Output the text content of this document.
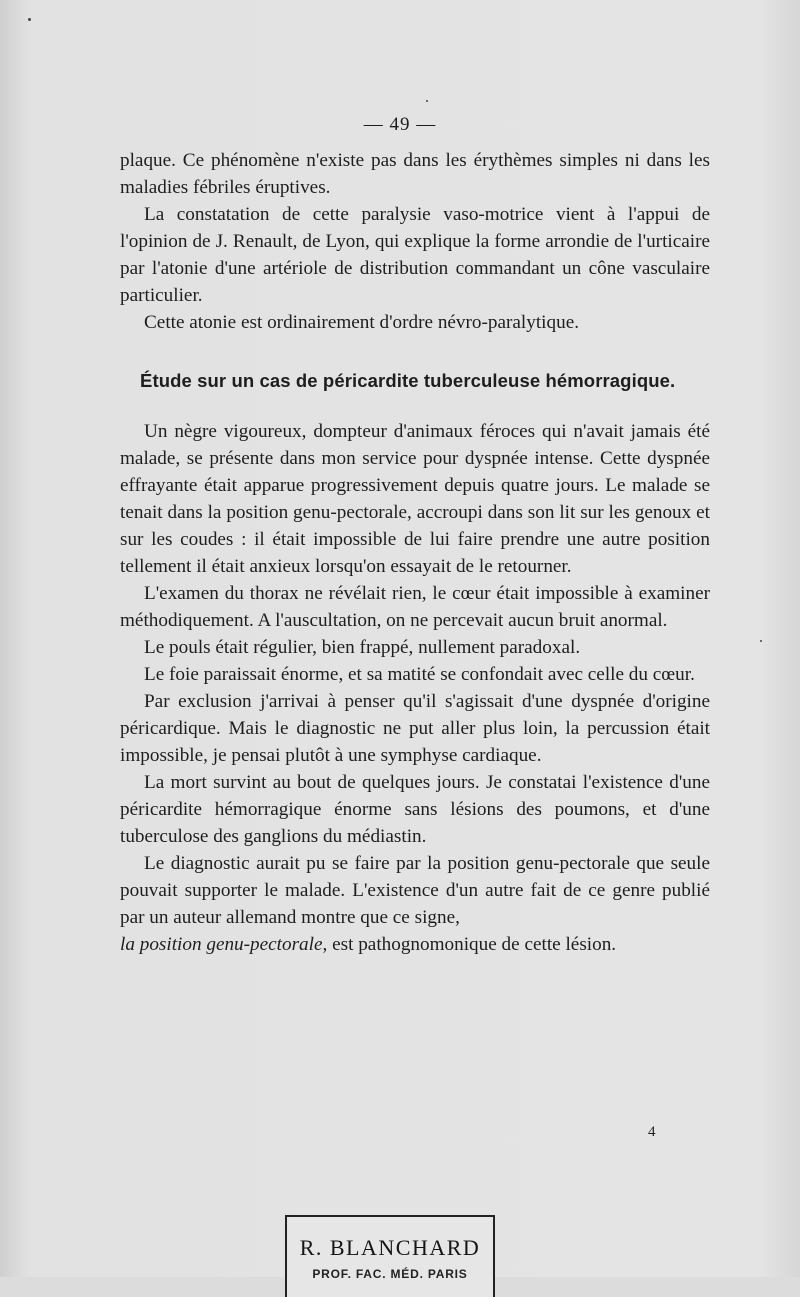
— 49 —

plaque. Ce phénomène n'existe pas dans les érythèmes simples ni dans les maladies fébriles éruptives.

La constatation de cette paralysie vaso-motrice vient à l'appui de l'opinion de J. Renault, de Lyon, qui explique la forme arrondie de l'urticaire par l'atonie d'une artériole de distribution commandant un cône vasculaire particulier.

Cette atonie est ordinairement d'ordre névro-paralytique.

Étude sur un cas de péricardite tuberculeuse hémorragique.

Un nègre vigoureux, dompteur d'animaux féroces qui n'avait jamais été malade, se présente dans mon service pour dyspnée intense. Cette dyspnée effrayante était apparue progressivement depuis quatre jours. Le malade se tenait dans la position genu-pectorale, accroupi dans son lit sur les genoux et sur les coudes : il était impossible de lui faire prendre une autre position tellement il était anxieux lorsqu'on essayait de le retourner.

L'examen du thorax ne révélait rien, le cœur était impossible à examiner méthodiquement. A l'auscultation, on ne percevait aucun bruit anormal.

Le pouls était régulier, bien frappé, nullement paradoxal.

Le foie paraissait énorme, et sa matité se confondait avec celle du cœur.

Par exclusion j'arrivai à penser qu'il s'agissait d'une dyspnée d'origine péricardique. Mais le diagnostic ne put aller plus loin, la percussion était impossible, je pensai plutôt à une symphyse cardiaque.

La mort survint au bout de quelques jours. Je constatai l'existence d'une péricardite hémorragique énorme sans lésions des poumons, et d'une tuberculose des ganglions du médiastin.

Le diagnostic aurait pu se faire par la position genu-pectorale que seule pouvait supporter le malade. L'existence d'un autre fait de ce genre publié par un auteur allemand montre que ce signe,

la position genu-pectorale, est pathognomonique de cette lésion.

4
R. BLANCHARD
PROF. FAC. MÉD. PARIS
